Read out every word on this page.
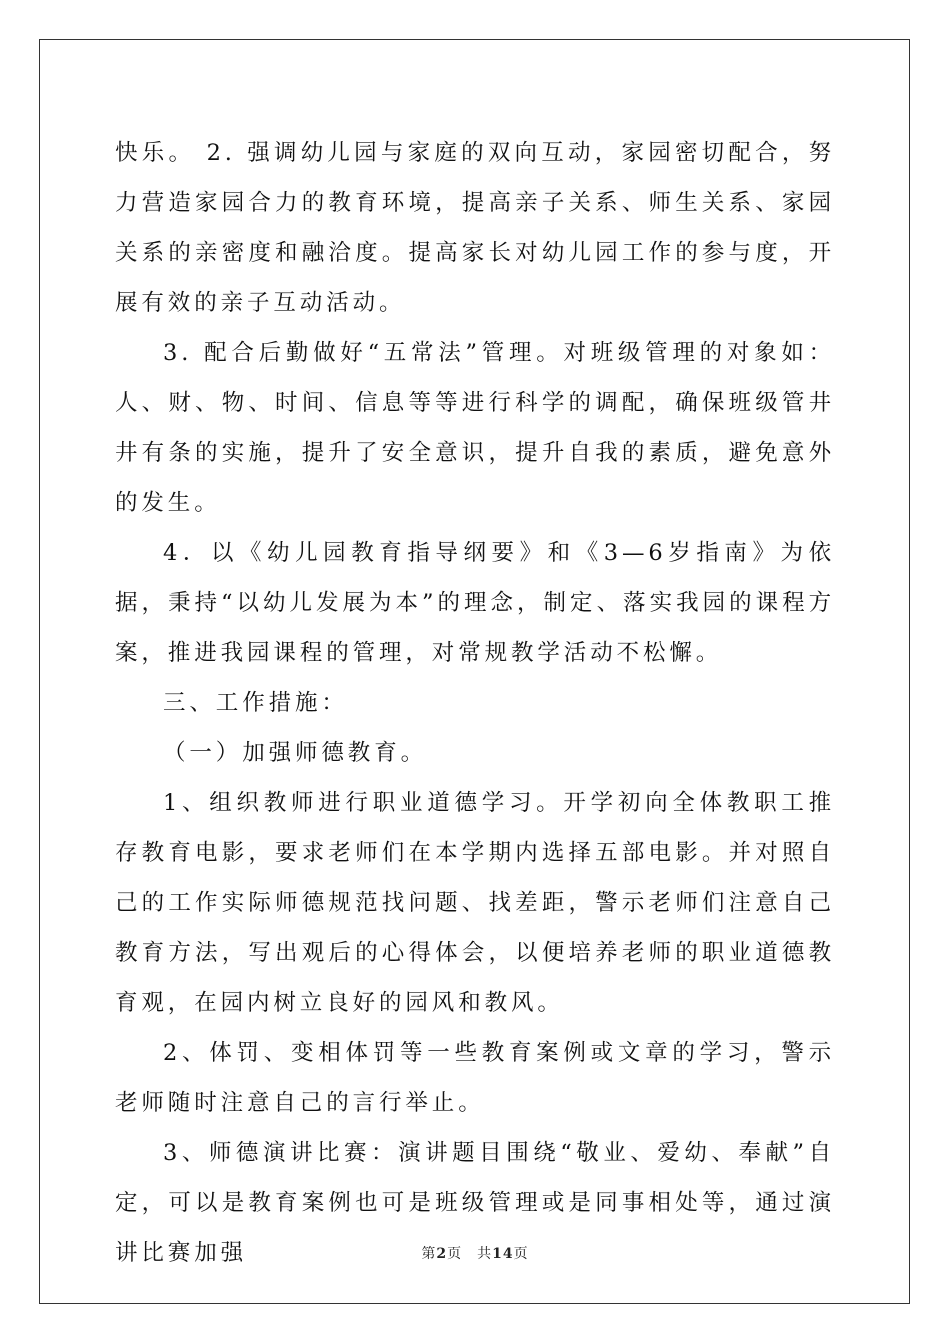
快乐。 2. 强调幼儿园与家庭的双向互动，家园密切配合，努力营造家园合力的教育环境，提高亲子关系、师生关系、家园关系的亲密度和融洽度。提高家长对幼儿园工作的参与度，开展有效的亲子互动活动。

3. 配合后勤做好“五常法”管理。对班级管理的对象如：人、财、物、时间、信息等等进行科学的调配，确保班级管井井有条的实施，提升了安全意识，提升自我的素质，避免意外的发生。

4．以《幼儿园教育指导纲要》和《3—6岁指南》为依据，秉持“以幼儿发展为本”的理念，制定、落实我园的课程方案，推进我园课程的管理，对常规教学活动不松懈。

三、工作措施：

（一）加强师德教育。

1、组织教师进行职业道德学习。开学初向全体教职工推存教育电影，要求老师们在本学期内选择五部电影。并对照自己的工作实际师德规范找问题、找差距，警示老师们注意自己教育方法，写出观后的心得体会，以便培养老师的职业道德教育观，在园内树立良好的园风和教风。

2、体罚、变相体罚等一些教育案例或文章的学习，警示老师随时注意自己的言行举止。

3、师德演讲比赛：演讲题目围绕“敬业、爱幼、奉献”自定，可以是教育案例也可是班级管理或是同事相处等，通过演讲比赛加强	第2页　共14页
